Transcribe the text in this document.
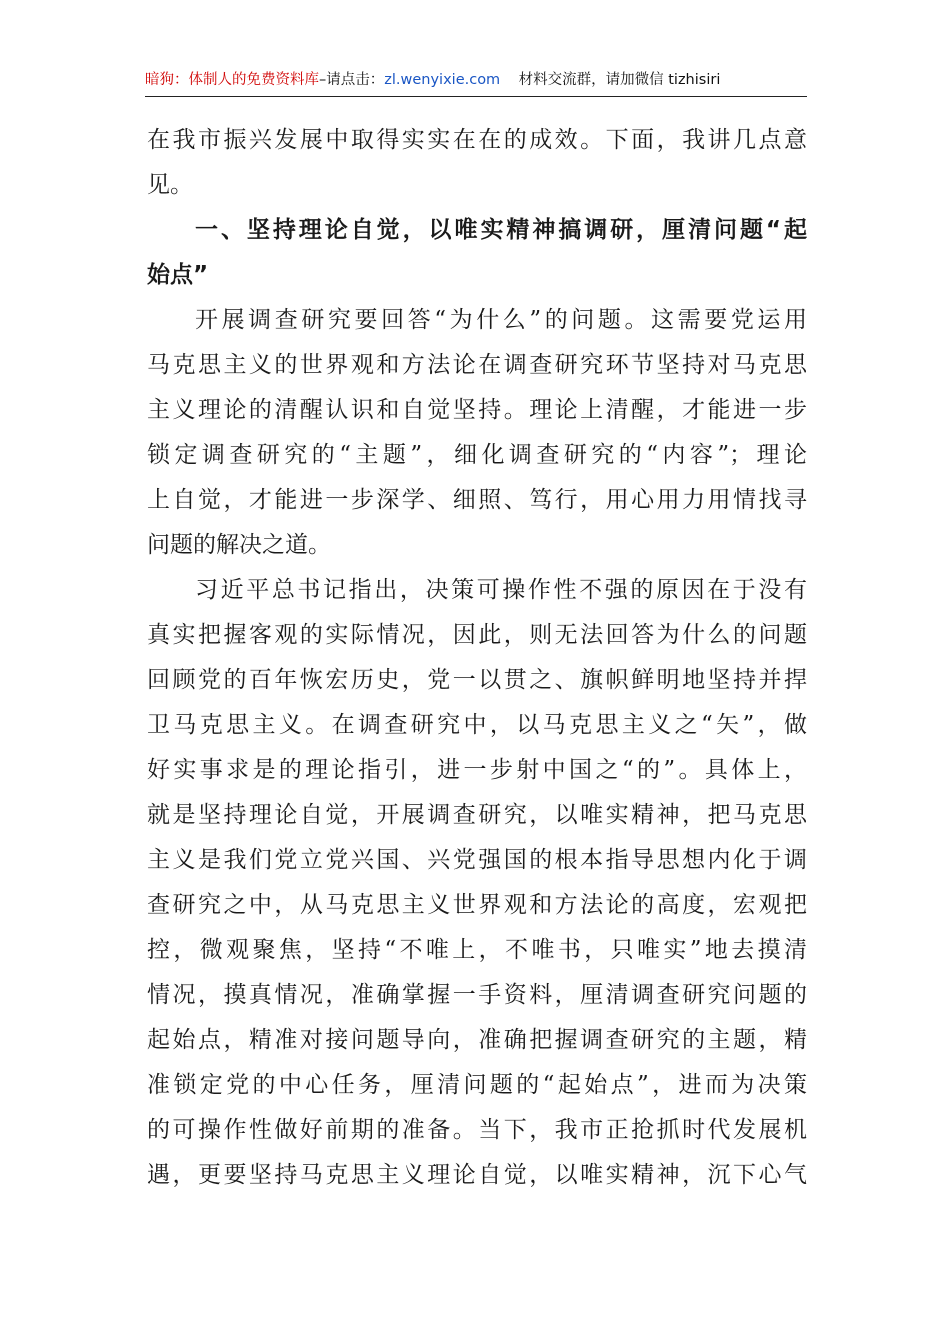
暗狗：体制人的免费资料库–请点击：zl.wenyixie.com 材料交流群，请加微信 tizhisiri
在我市振兴发展中取得实实在在的成效。下面，我讲几点意
见。
一、坚持理论自觉，以唯实精神搞调研，厘清问题“起
始点”
开展调查研究要回答“为什么”的问题。这需要党运用
马克思主义的世界观和方法论在调查研究环节坚持对马克思
主义理论的清醒认识和自觉坚持。理论上清醒，才能进一步
锁定调查研究的“主题”，细化调查研究的“内容”；理论
上自觉，才能进一步深学、细照、笃行，用心用力用情找寻
问题的解决之道。
习近平总书记指出，决策可操作性不强的原因在于没有
真实把握客观的实际情况，因此，则无法回答为什么的问题
回顾党的百年恢宏历史，党一以贯之、旗帜鲜明地坚持并捍
卫马克思主义。在调查研究中，以马克思主义之“矢”，做
好实事求是的理论指引，进一步射中国之“的”。具体上，
就是坚持理论自觉，开展调查研究，以唯实精神，把马克思
主义是我们党立党兴国、兴党强国的根本指导思想内化于调
查研究之中，从马克思主义世界观和方法论的高度，宏观把
控，微观聚焦，坚持“不唯上，不唯书，只唯实”地去摸清
情况，摸真情况，准确掌握一手资料，厘清调查研究问题的
起始点，精准对接问题导向，准确把握调查研究的主题，精
准锁定党的中心任务，厘清问题的“起始点”，进而为决策
的可操作性做好前期的准备。当下，我市正抢抓时代发展机
遇，更要坚持马克思主义理论自觉，以唯实精神，沉下心气
